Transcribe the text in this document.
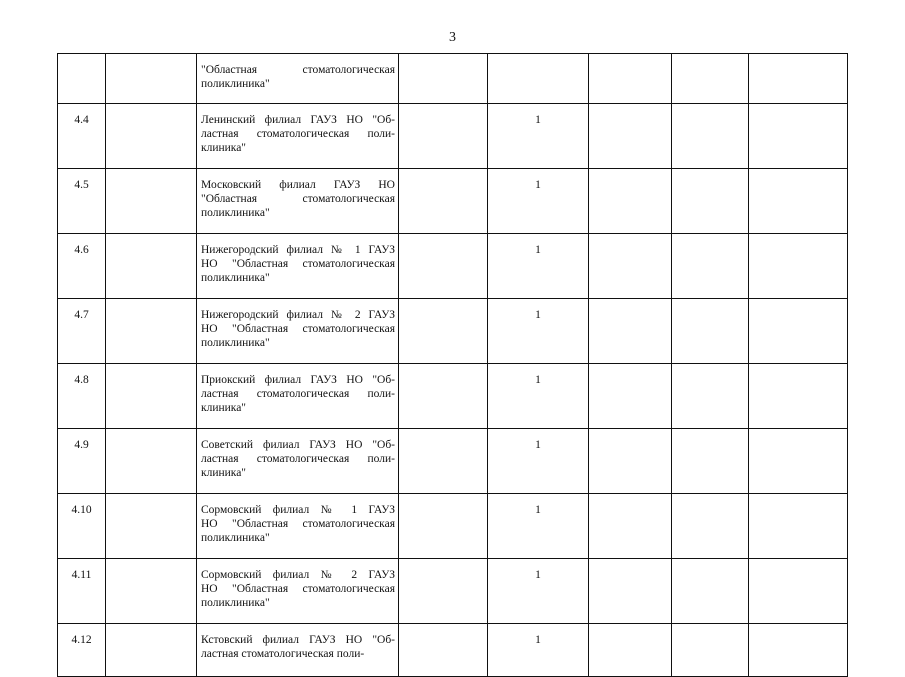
3

		"Областная стоматологическая
поликлиника"					

4.4		Ленинский филиал ГАУЗ НО "Об-
ластная стоматологическая поли-
клиника"		1			
4.5		Московский филиал ГАУЗ НО
"Областная стоматологическая
поликлиника"		1			
4.6		Нижегородский филиал № 1 ГАУЗ
НО "Областная стоматологическая
поликлиника"		1			
4.7		Нижегородский филиал № 2 ГАУЗ
НО "Областная стоматологическая
поликлиника"		1			
4.8		Приокский филиал ГАУЗ НО "Об-
ластная стоматологическая поли-
клиника"		1			
4.9		Советский филиал ГАУЗ НО "Об-
ластная стоматологическая поли-
клиника"		1			
4.10		Сормовский филиал № 1 ГАУЗ
НО "Областная стоматологическая
поликлиника"		1			
4.11		Сормовский филиал № 2 ГАУЗ
НО "Областная стоматологическая
поликлиника"		1			
4.12		Кстовский филиал ГАУЗ НО "Об-
ластная стоматологическая поли-		1			
